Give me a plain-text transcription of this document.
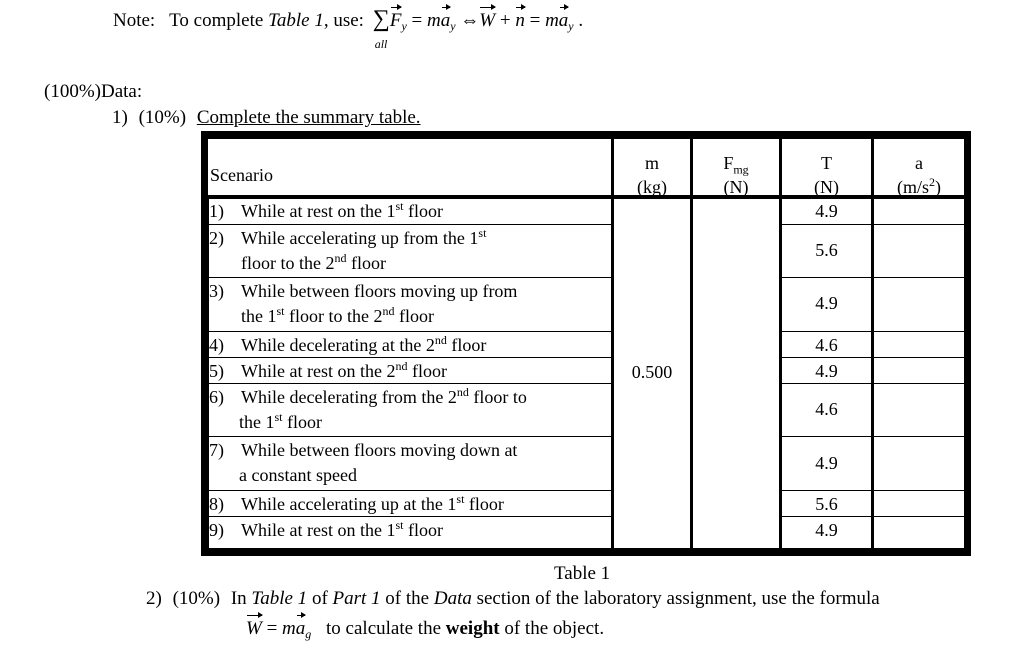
Note: To complete Table 1, use: $\sum F_y = ma_y$ ⇔W + $n = ma_y$ .
all
(100%)Data:
1) (10%) Complete the summary table.
Scenario
m
(kg)
$F_{mg}$
(N)
T
(N)
a
$(m/s^2)$
1) While at rest on the 1st floor
2) While accelerating up from the 1st
floor to the 2nd floor
3) While between floors moving up from
the 1st floor to the 2nd floor
4) While decelerating at the 2nd floor
5) While at rest on the 2nd floor
6) While decelerating from the 2nd floor to
the 1st floor
7) While between floors moving down at
a constant speed
8) While accelerating up at the 1st floor
9) While at rest on the 1st floor
0.500
4.9
5.6
4.9
4.6
4.9
4.6
4.9
5.6
4.9
Table 1
2) (10%) In Table 1 of Part 1 of the Data section of the laboratory assignment, use the formula
$W = ma_g$ to calculate the weight of the object.
